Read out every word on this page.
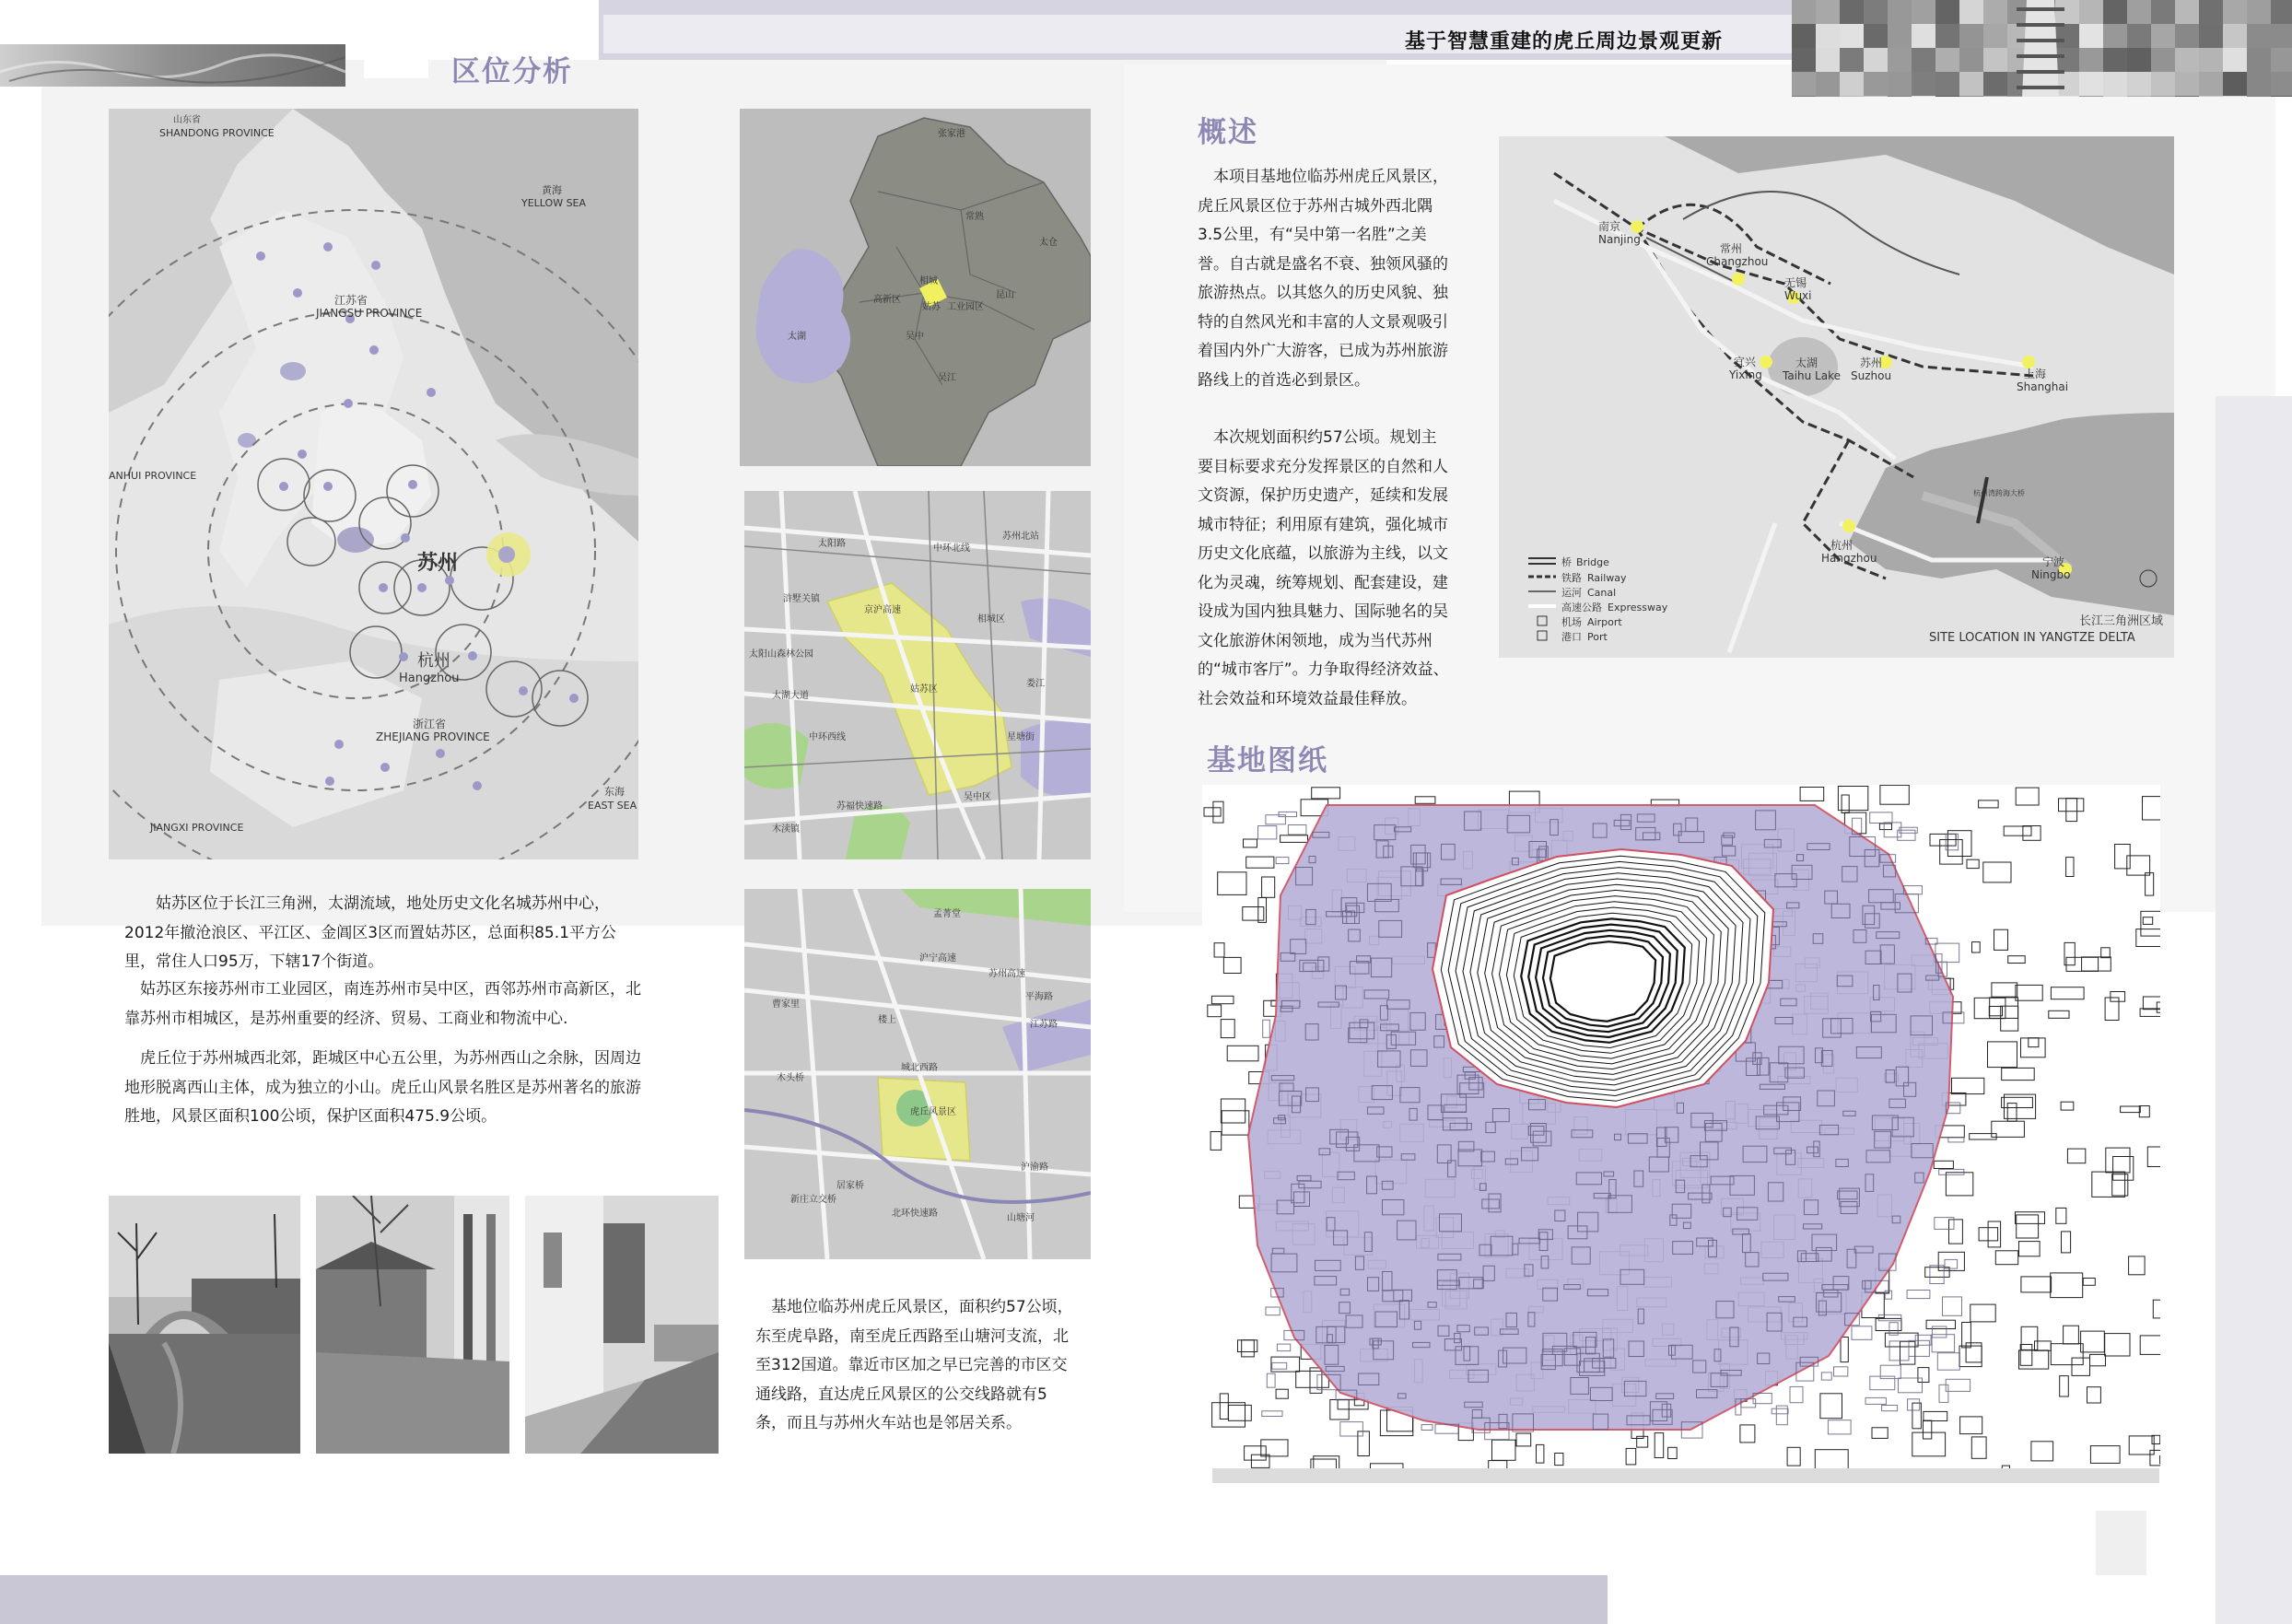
基于智慧重建的虎丘周边景观更新
区位分析
山东省
SHANDONG PROVINCE
黄海
YELLOW SEA
江苏省
JIANGSU PROVINCE
ANHUI PROVINCE
苏州
杭州
Hangzhou
浙江省
ZHEJIANG PROVINCE
东海
EAST SEA
JIANGXI PROVINCE
姑苏区位于长江三角洲，太湖流域，地处历史文化名城苏州中心，2012年撤沧浪区、平江区、金阊区3区而置姑苏区，总面积85.1平方公里，常住人口95万，下辖17个街道。
姑苏区东接苏州市工业园区，南连苏州市吴中区，西邻苏州市高新区，北靠苏州市相城区，是苏州重要的经济、贸易、工商业和物流中心.
虎丘位于苏州城西北郊，距城区中心五公里，为苏州西山之余脉，因周边地形脱离西山主体，成为独立的小山。虎丘山风景名胜区是苏州著名的旅游胜地，风景区面积100公顷，保护区面积475.9公顷。
张家港
常熟
太仓
相城
高新区
姑苏 工业园区
昆山
吴中
吴江
太湖
太阳路
苏州北站
中环北线
京沪高速
浒墅关镇
相城区
太阳山森林公园
姑苏区
娄江
太湖大道
中环西线
苏福快速路
吴中区
木渎镇
星塘街
孟菁堂
沪宁高速
平海路
曹家里
苏州高速
楼上
城北西路
江苏路
木头桥
虎丘风景区
沪渝路
居家桥
新庄立交桥
北环快速路	山塘河
基地位临苏州虎丘风景区，面积约57公顷，东至虎阜路，南至虎丘西路至山塘河支流，北至312国道。靠近市区加之早已完善的市区交通线路，直达虎丘风景区的公交线路就有5条，而且与苏州火车站也是邻居关系。
概述
本项目基地位临苏州虎丘风景区，虎丘风景区位于苏州古城外西北隅3.5公里，有“吴中第一名胜”之美誉。自古就是盛名不衰、独领风骚的旅游热点。以其悠久的历史风貌、独特的自然风光和丰富的人文景观吸引着国内外广大游客，已成为苏州旅游路线上的首选必到景区。
本次规划面积约57公顷。规划主要目标要求充分发挥景区的自然和人文资源，保护历史遗产，延续和发展城市特征；利用原有建筑，强化城市历史文化底蕴，以旅游为主线，以文化为灵魂，统筹规划、配套建设，建设成为国内独具魅力、国际驰名的吴文化旅游休闲领地，成为当代苏州的“城市客厅”。力争取得经济效益、社会效益和环境效益最佳释放。
南京
Nanjing
常州
Changzhou
无锡
Wuxi
宜兴
Yixing
太湖
Taihu Lake
苏州
Suzhou	上海
Shanghai
杭州
Hangzhou	宁波
Ningbo
杭州湾跨海大桥
桥 Bridge
铁路 Railway
运河 Canal
高速公路 Expressway
机场 Airport
港口 Port
长江三角洲区域
SITE LOCATION IN YANGTZE DELTA
基地图纸
